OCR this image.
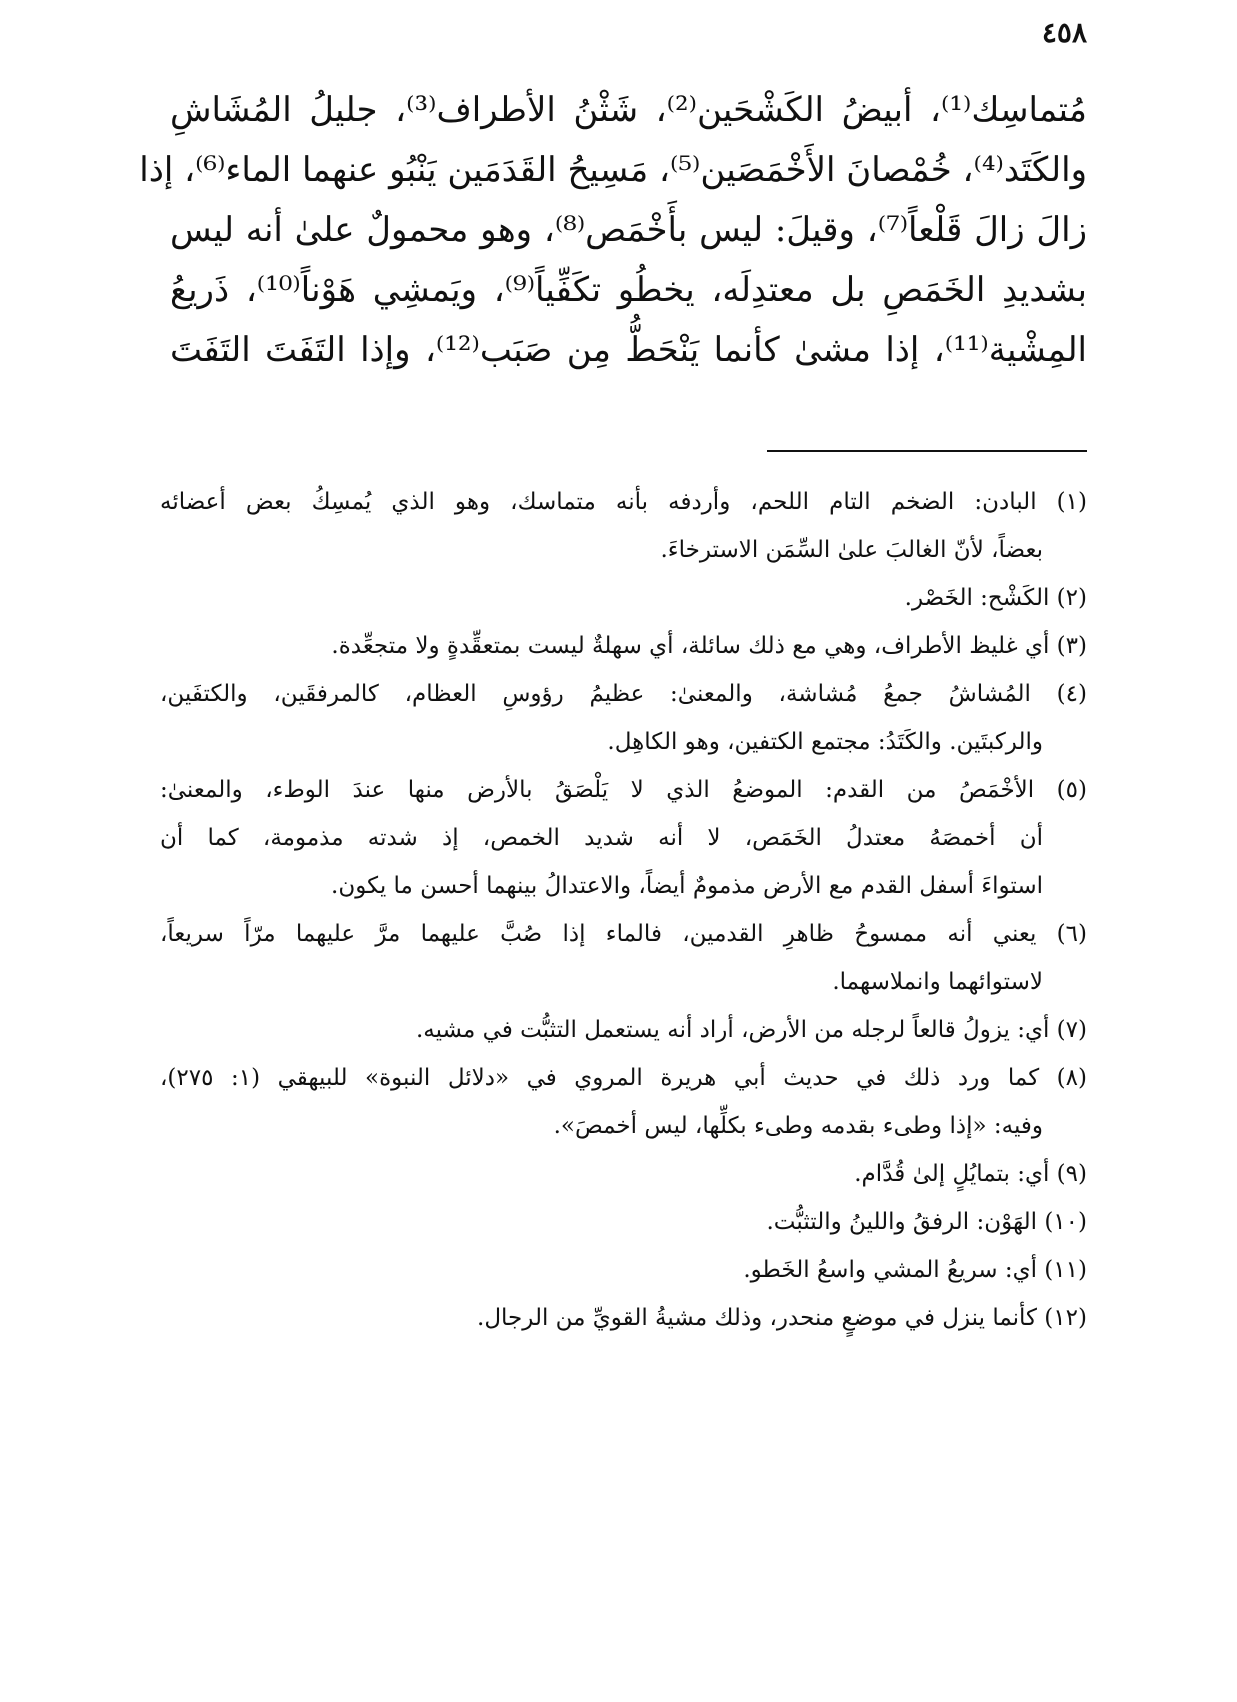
٤٥٨
مُتماسِك⁽¹⁾، أبيضُ الكَشْحَين⁽²⁾، شَثْنُ الأطراف⁽³⁾، جليلُ المُشَاشِ
والكَتَد⁽⁴⁾، خُمْصانَ الأَخْمَصَين⁽⁵⁾، مَسِيحُ القَدَمَين يَنْبُو عنهما الماء⁽⁶⁾، إذا
زالَ زالَ قَلْعاً⁽⁷⁾، وقيلَ: ليس بأَخْمَص⁽⁸⁾، وهو محمولٌ علىٰ أنه ليس
بشديدِ الخَمَصِ بل معتدِلَه، يخطُو تكَفِّياً⁽⁹⁾، ويَمشِي هَوْناً⁽¹⁰⁾، ذَريعُ
المِشْية⁽¹¹⁾، إذا مشىٰ كأنما يَنْحَطُّ مِن صَبَب⁽¹²⁾، وإذا التَفَتَ التَفَتَ
(١) البادن: الضخم التام اللحم، وأردفه بأنه متماسك، وهو الذي يُمسِكُ بعض أعضائه
بعضاً، لأنّ الغالبَ علىٰ السِّمَن الاسترخاءَ.
(٢) الكَشْح: الخَصْر.
(٣) أي غليظ الأطراف، وهي مع ذلك سائلة، أي سهلةٌ ليست بمتعقِّدةٍ ولا متجعِّدة.
(٤) المُشاشُ جمعُ مُشاشة، والمعنىٰ: عظيمُ رؤوسِ العظام، كالمرفقَين، والكتفَين،
والركبتَين. والكَتَدُ: مجتمع الكتفين، وهو الكاهِل.
(٥) الأخْمَصُ من القدم: الموضعُ الذي لا يَلْصَقُ بالأرض منها عندَ الوطء، والمعنىٰ:
أن أخمصَهُ معتدلُ الخَمَص، لا أنه شديد الخمص، إذ شدته مذمومة، كما أن
استواءَ أسفل القدم مع الأرض مذمومٌ أيضاً، والاعتدالُ بينهما أحسن ما يكون.
(٦) يعني أنه ممسوحُ ظاهرِ القدمين، فالماء إذا صُبَّ عليهما مرَّ عليهما مرّاً سريعاً،
لاستوائهما وانملاسهما.
(٧) أي: يزولُ قالعاً لرجله من الأرض، أراد أنه يستعمل التثبُّت في مشيه.
(٨) كما ورد ذلك في حديث أبي هريرة المروي في «دلائل النبوة» للبيهقي (١: ٢٧٥)،
وفيه: «إذا وطىء بقدمه وطىء بكلِّها، ليس أخمصَ».
(٩) أي: بتمايُلٍ إلىٰ قُدَّام.
(١٠) الهَوْن: الرفقُ واللينُ والتثبُّت.
(١١) أي: سريعُ المشي واسعُ الخَطو.
(١٢) كأنما ينزل في موضعٍ منحدر، وذلك مشيةُ القويِّ من الرجال.
